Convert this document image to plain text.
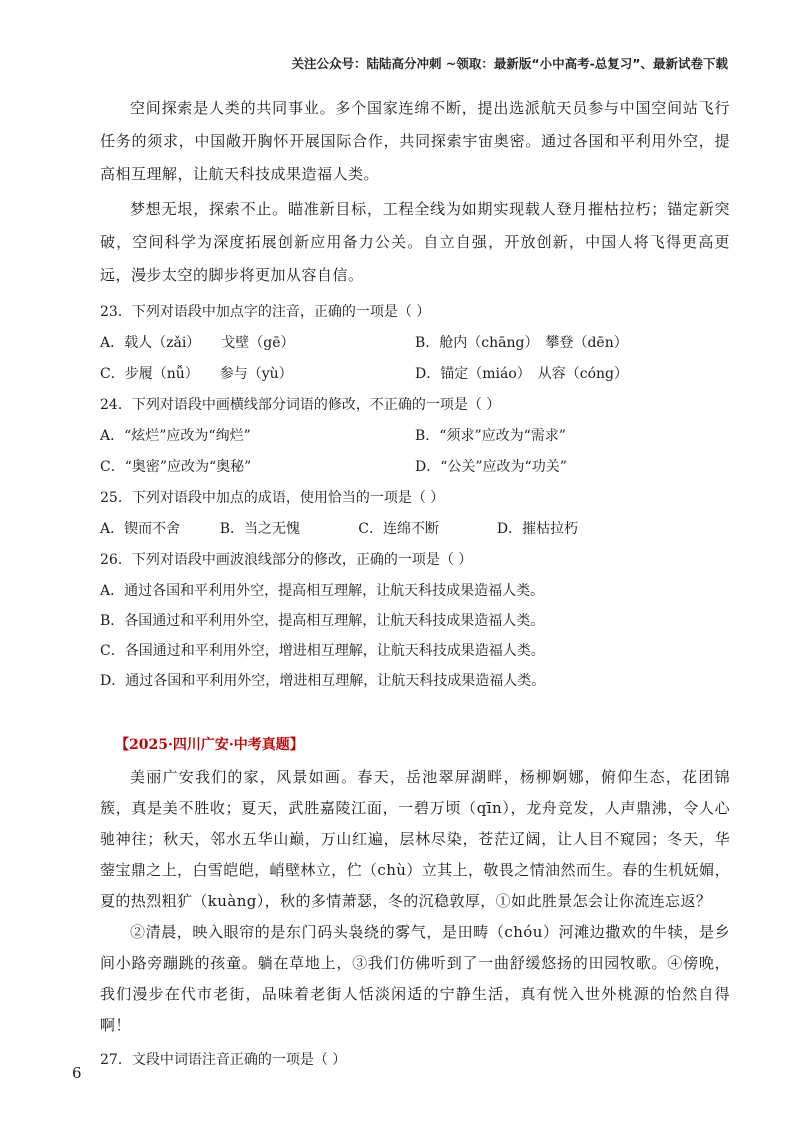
关注公众号：陆陆高分冲刺 ~领取：最新版“小中高考-总复习”、最新试卷下载

空间探索是人类的共同事业。多个国家连绵不断，提出选派航天员参与中国空间站飞行任务的须求，中国敞开胸怀开展国际合作，共同探索宇宙奥密。通过各国和平利用外空，提高相互理解，让航天科技成果造福人类。

梦想无垠，探索不止。瞄准新目标，工程全线为如期实现载人登月摧枯拉朽；锚定新突破，空间科学为深度拓展创新应用备力公关。自立自强，开放创新，中国人将飞得更高更远，漫步太空的脚步将更加从容自信。

23．下列对语段中加点字的注音，正确的一项是（ ）

A．载人（zǎi）　　戈壁（gē）	B．舱内（chāng）　攀登（dēn）
C．步履（nǚ）　　参与（yù）	D．锚定（miáo）　从容（cóng）

24．下列对语段中画横线部分词语的修改，不正确的一项是（ ）

A．“炫烂”应改为“绚烂”	B．“须求”应改为“需求”
C．“奥密”应改为“奥秘”	D．“公关”应改为“功关”

25．下列对语段中加点的成语，使用恰当的一项是（ ）

A．锲而不舍	B．当之无愧	C．连绵不断	D．摧枯拉朽

26．下列对语段中画波浪线部分的修改，正确的一项是（ ）

A．通过各国和平利用外空，提高相互理解，让航天科技成果造福人类。
B．各国通过和平利用外空，提高相互理解，让航天科技成果造福人类。
C．各国通过和平利用外空，增进相互理解，让航天科技成果造福人类。
D．通过各国和平利用外空，增进相互理解，让航天科技成果造福人类。
【2025·四川广安·中考真题】

美丽广安我们的家，风景如画。春天，岳池翠屏湖畔，杨柳婀娜，俯仰生态，花团锦簇，真是美不胜收；夏天，武胜嘉陵江面，一碧万顷（qīn），龙舟竞发，人声鼎沸，令人心驰神往；秋天，邻水五华山巅，万山红遍，层林尽染，苍茫辽阔，让人目不窥园；冬天，华蓥宝鼎之上，白雪皑皑，峭壁林立，伫（chù）立其上，敬畏之情油然而生。春的生机妩媚，夏的热烈粗犷（kuàng），秋的多情萧瑟，冬的沉稳敦厚，①如此胜景怎会让你流连忘返？

②清晨，映入眼帘的是东门码头袅绕的雾气，是田畴（chóu）河滩边撒欢的牛犊，是乡间小路旁蹦跳的孩童。躺在草地上，③我们仿佛听到了一曲舒缓悠扬的田园牧歌。④傍晚，我们漫步在代市老街，品味着老街人恬淡闲适的宁静生活，真有恍入世外桃源的怡然自得啊！

27．文段中词语注音正确的一项是（ ）

6
